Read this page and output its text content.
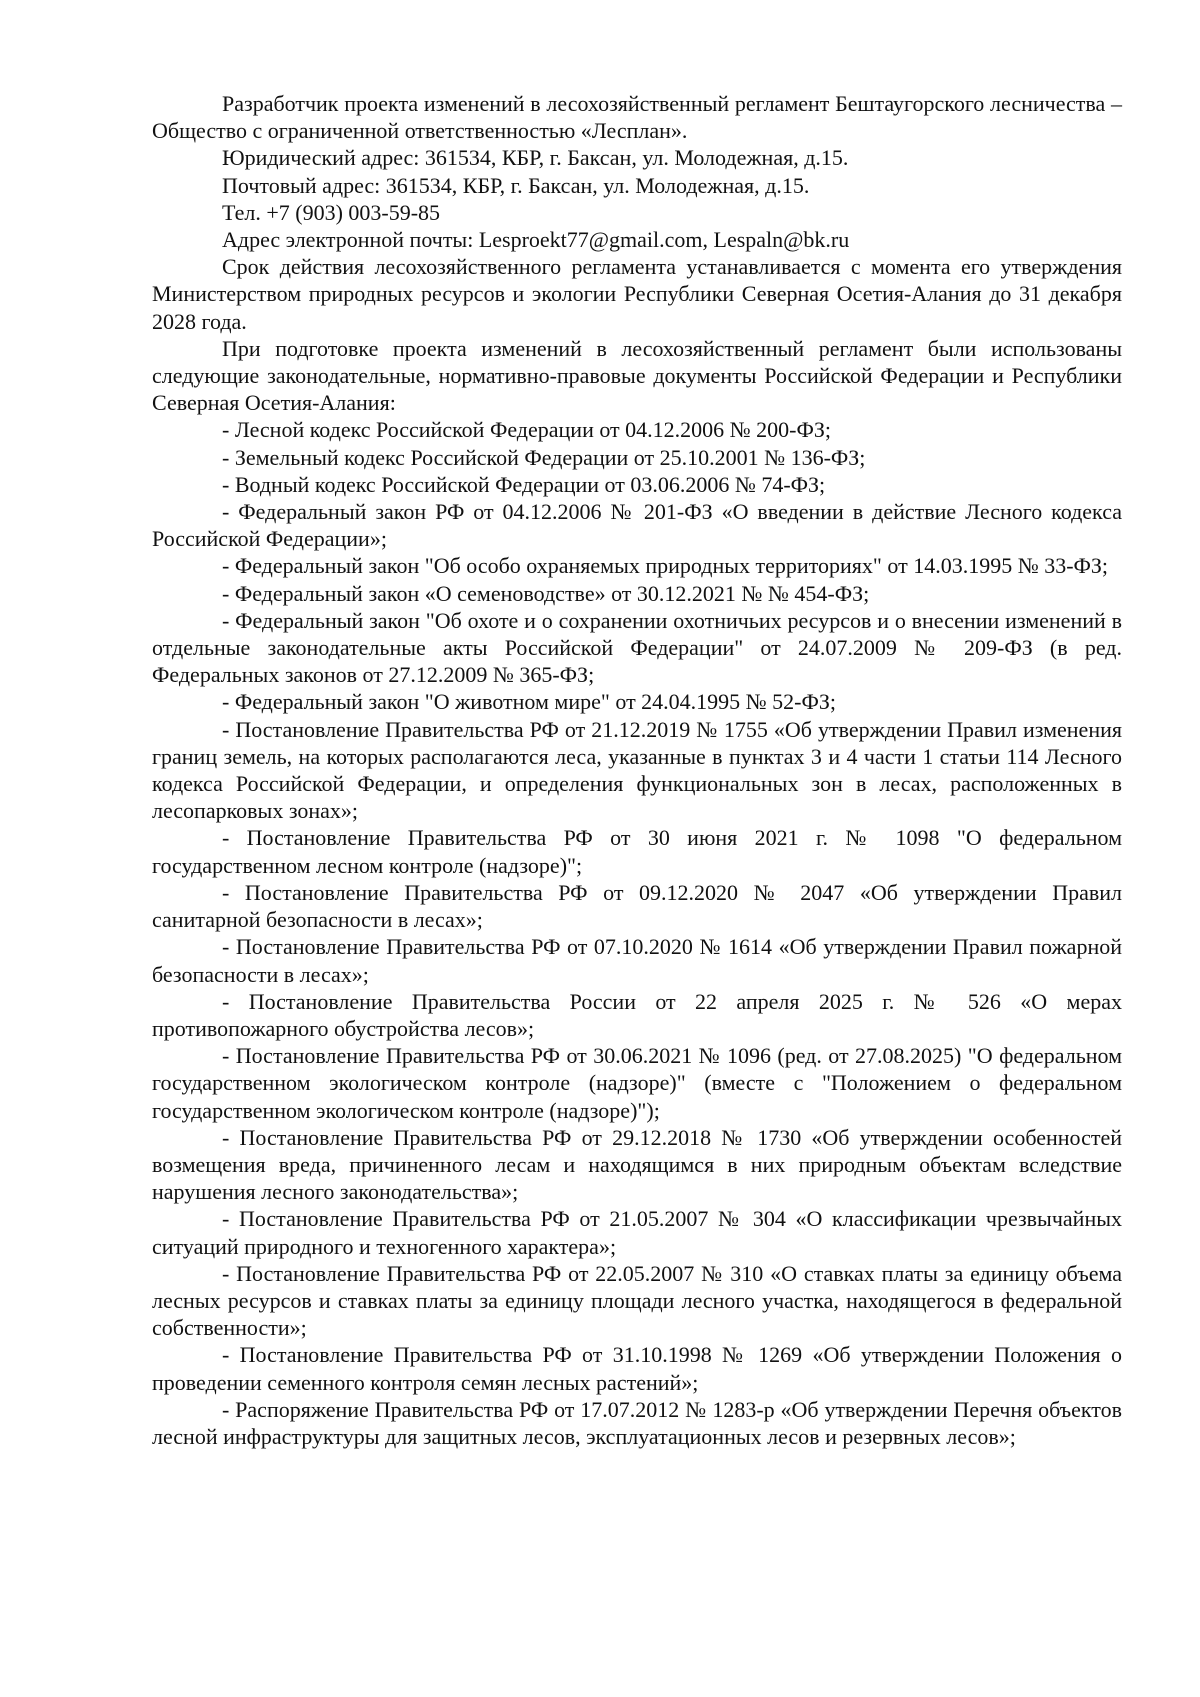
Разработчик проекта изменений в лесохозяйственный регламент Бештаугорского лесничества – Общество с ограниченной ответственностью «Лесплан».

Юридический адрес: 361534, КБР, г. Баксан, ул. Молодежная, д.15.

Почтовый адрес: 361534, КБР, г. Баксан, ул. Молодежная, д.15.

Тел. +7 (903) 003-59-85

Адрес электронной почты: Lesproekt77@gmail.com, Lespaln@bk.ru

Срок действия лесохозяйственного регламента устанавливается с момента его утверждения Министерством природных ресурсов и экологии Республики Северная Осетия-Алания до 31 декабря 2028 года.

При подготовке проекта изменений в лесохозяйственный регламент были использованы следующие законодательные, нормативно-правовые документы Российской Федерации и Республики Северная Осетия-Алания:

- Лесной кодекс Российской Федерации от 04.12.2006 № 200-ФЗ;

- Земельный кодекс Российской Федерации от 25.10.2001 № 136-ФЗ;

- Водный кодекс Российской Федерации от 03.06.2006 № 74-ФЗ;

- Федеральный закон РФ от 04.12.2006 № 201-ФЗ «О введении в действие Лесного кодекса Российской Федерации»;

- Федеральный закон "Об особо охраняемых природных территориях" от 14.03.1995 № 33-ФЗ;

- Федеральный закон «О семеноводстве» от 30.12.2021 № № 454-ФЗ;

- Федеральный закон "Об охоте и о сохранении охотничьих ресурсов и о внесении изменений в отдельные законодательные акты Российской Федерации" от 24.07.2009 № 209-ФЗ (в ред. Федеральных законов от 27.12.2009 № 365-ФЗ;

- Федеральный закон "О животном мире" от 24.04.1995 № 52-ФЗ;

- Постановление Правительства РФ от 21.12.2019 № 1755 «Об утверждении Правил изменения границ земель, на которых располагаются леса, указанные в пунктах 3 и 4 части 1 статьи 114 Лесного кодекса Российской Федерации, и определения функциональных зон в лесах, расположенных в лесопарковых зонах»;

- Постановление Правительства РФ от 30 июня 2021 г. № 1098 "О федеральном государственном лесном контроле (надзоре)";

- Постановление Правительства РФ от 09.12.2020 № 2047 «Об утверждении Правил санитарной безопасности в лесах»;

- Постановление Правительства РФ от 07.10.2020 № 1614 «Об утверждении Правил пожарной безопасности в лесах»;

- Постановление Правительства России от 22 апреля 2025 г. № 526 «О мерах противопожарного обустройства лесов»;

- Постановление Правительства РФ от 30.06.2021 № 1096 (ред. от 27.08.2025) "О федеральном государственном экологическом контроле (надзоре)" (вместе с "Положением о федеральном государственном экологическом контроле (надзоре)");

- Постановление Правительства РФ от 29.12.2018 № 1730 «Об утверждении особенностей возмещения вреда, причиненного лесам и находящимся в них природным объектам вследствие нарушения лесного законодательства»;

- Постановление Правительства РФ от 21.05.2007 № 304 «О классификации чрезвычайных ситуаций природного и техногенного характера»;

- Постановление Правительства РФ от 22.05.2007 № 310 «О ставках платы за единицу объема лесных ресурсов и ставках платы за единицу площади лесного участка, находящегося в федеральной собственности»;

- Постановление Правительства РФ от 31.10.1998 № 1269 «Об утверждении Положения о проведении семенного контроля семян лесных растений»;

- Распоряжение Правительства РФ от 17.07.2012 № 1283-р «Об утверждении Перечня объектов лесной инфраструктуры для защитных лесов, эксплуатационных лесов и резервных лесов»;
